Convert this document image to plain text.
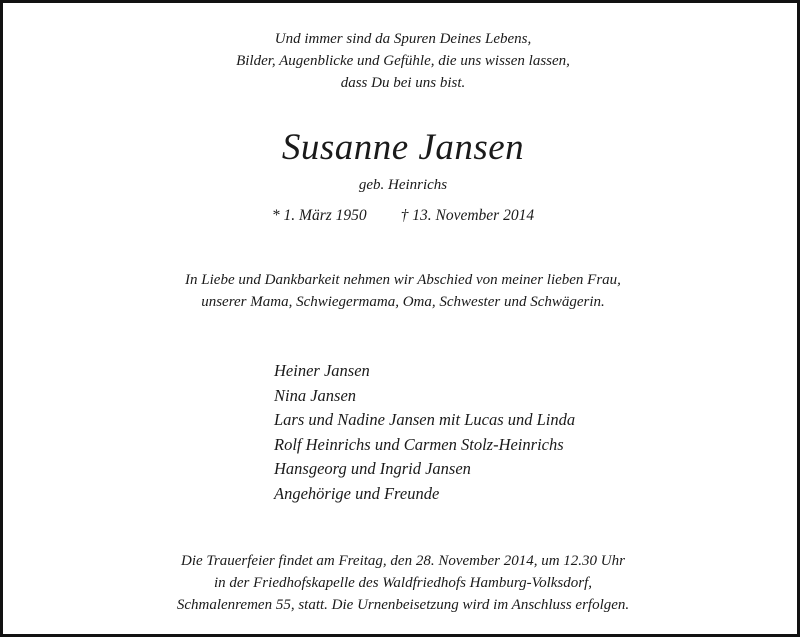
Und immer sind da Spuren Deines Lebens,
Bilder, Augenblicke und Gefühle, die uns wissen lassen,
dass Du bei uns bist.
Susanne Jansen
geb. Heinrichs
* 1. März 1950 † 13. November 2014
In Liebe und Dankbarkeit nehmen wir Abschied von meiner lieben Frau,
unserer Mama, Schwiegermama, Oma, Schwester und Schwägerin.
Heiner Jansen
Nina Jansen
Lars und Nadine Jansen mit Lucas und Linda
Rolf Heinrichs und Carmen Stolz-Heinrichs
Hansgeorg und Ingrid Jansen
Angehörige und Freunde
Die Trauerfeier findet am Freitag, den 28. November 2014, um 12.30 Uhr
in der Friedhofskapelle des Waldfriedhofs Hamburg-Volksdorf,
Schmalenremen 55, statt. Die Urnenbeisetzung wird im Anschluss erfolgen.
